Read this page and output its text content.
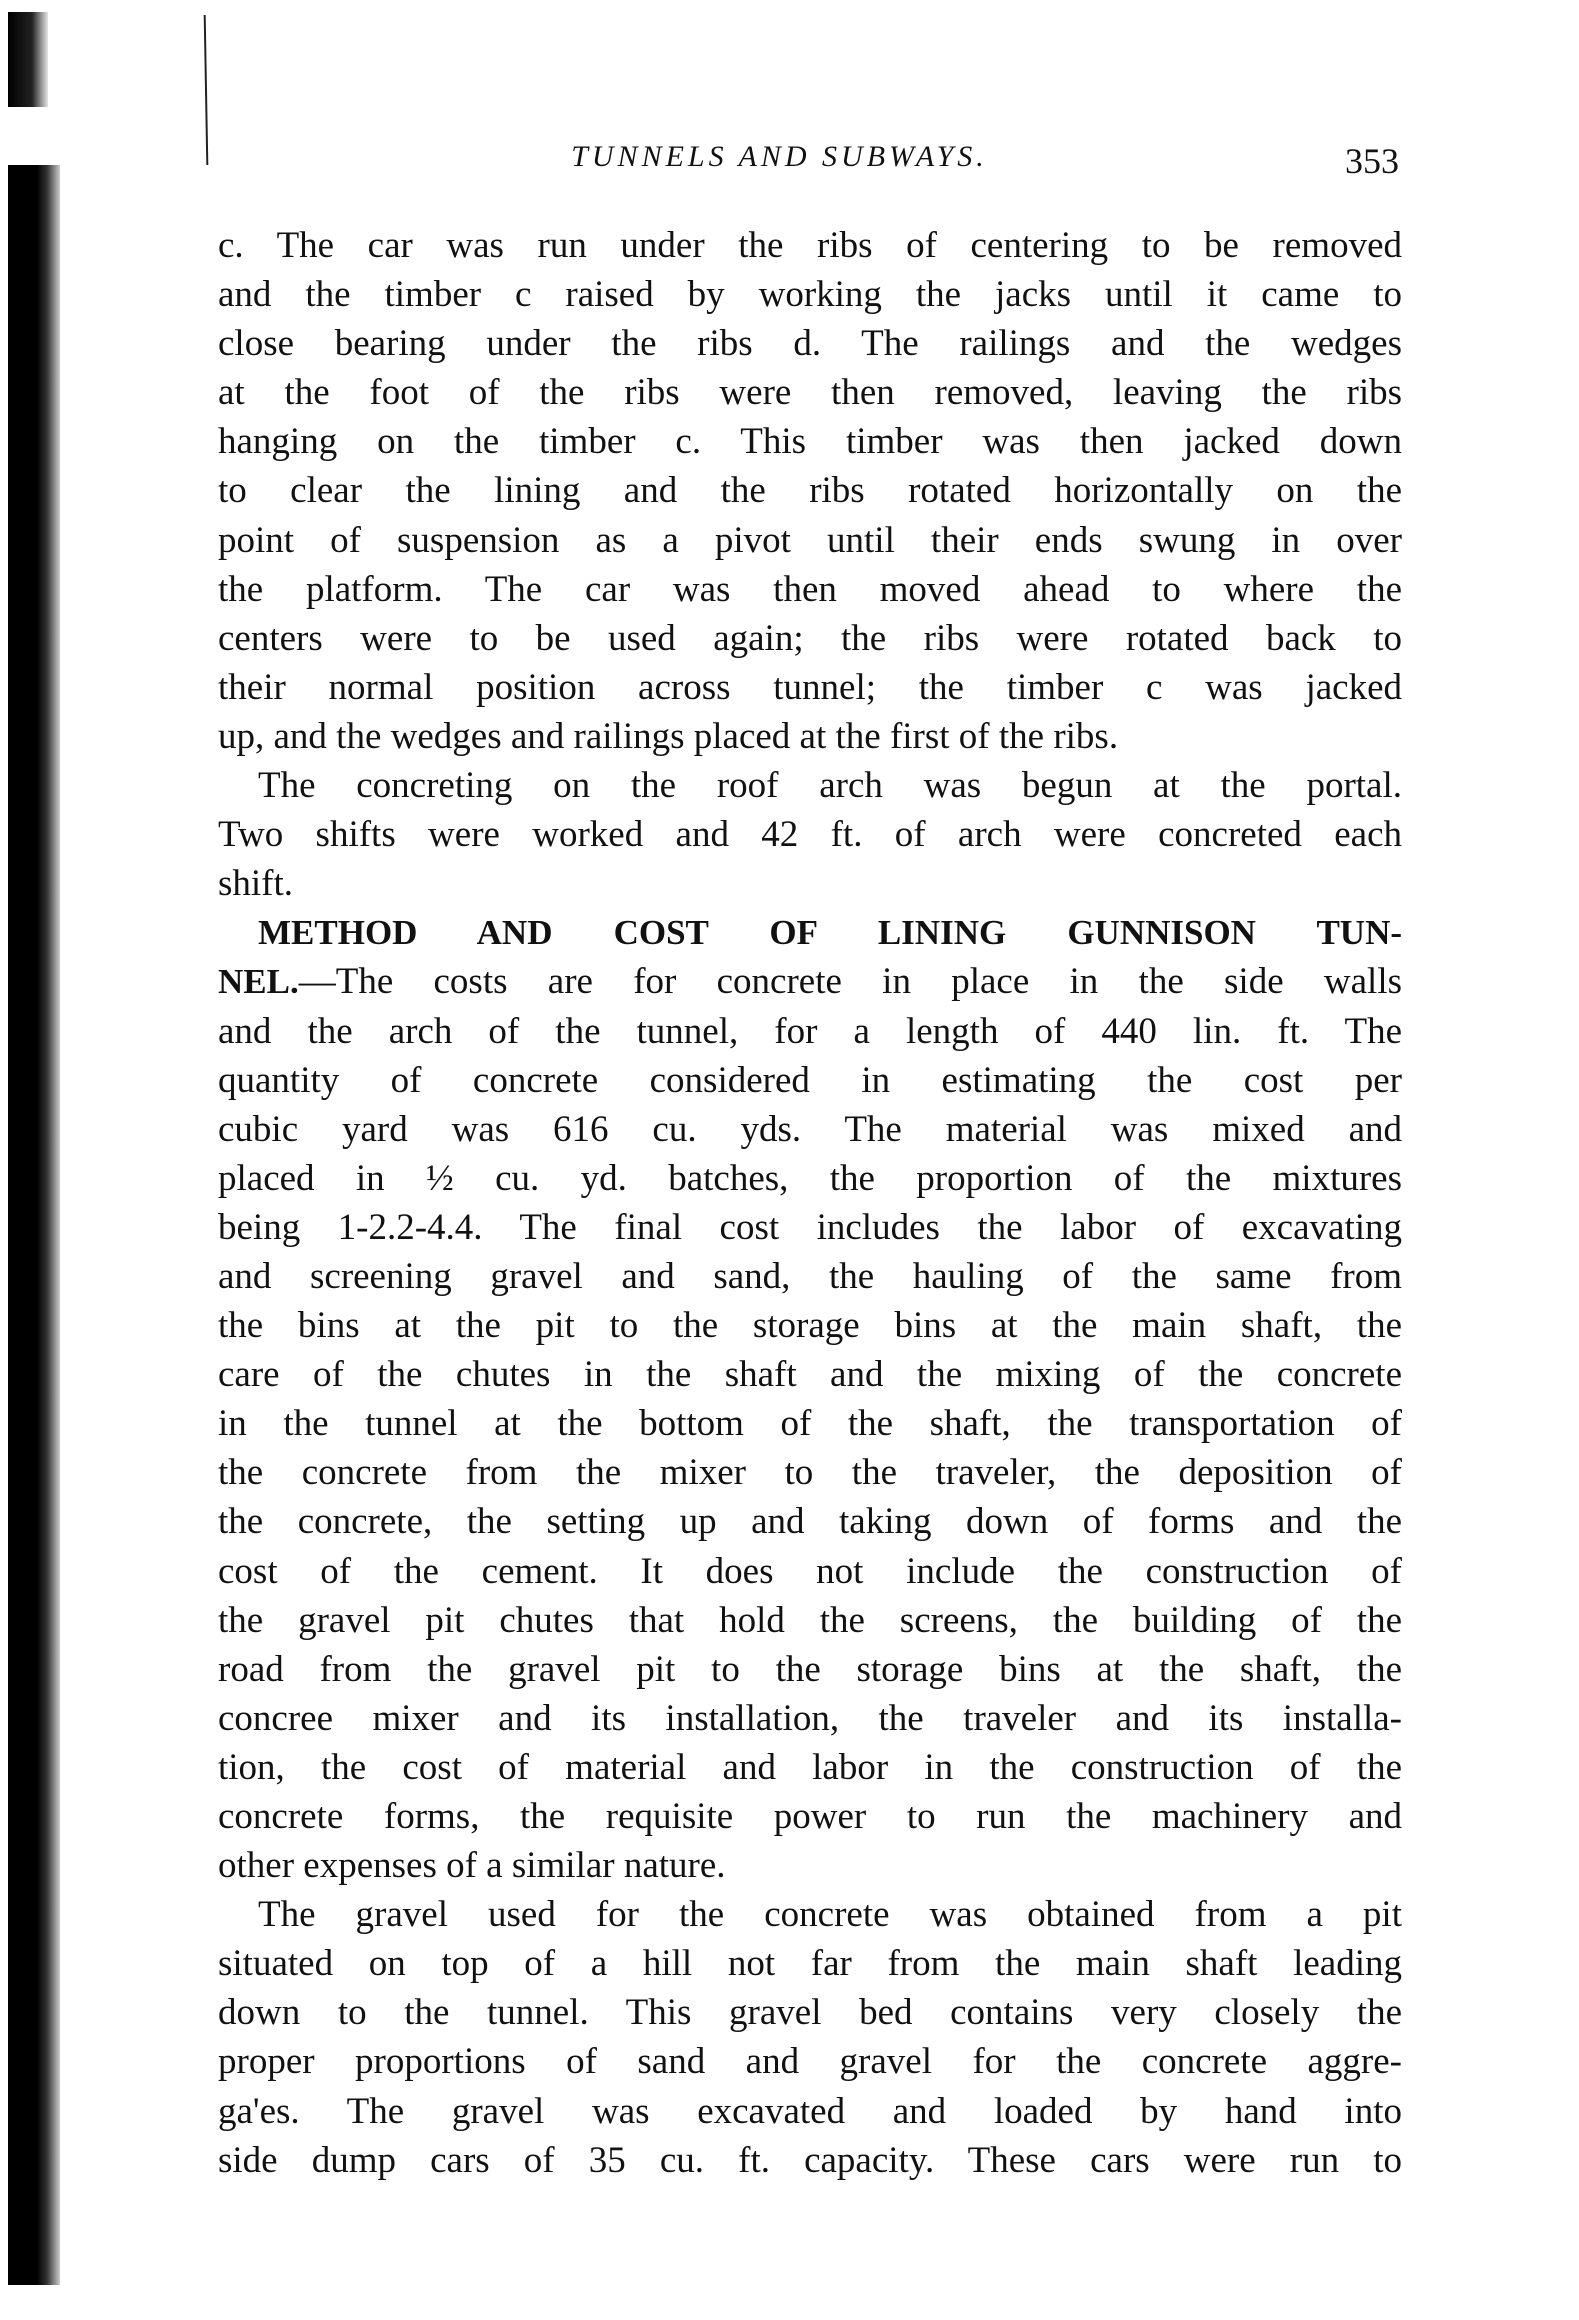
TUNNELS AND SUBWAYS.	353
c. The car was run under the ribs of centering to be removed
and the timber c raised by working the jacks until it came to
close bearing under the ribs d. The railings and the wedges
at the foot of the ribs were then removed, leaving the ribs
hanging on the timber c. This timber was then jacked down
to clear the lining and the ribs rotated horizontally on the
point of suspension as a pivot until their ends swung in over
the platform. The car was then moved ahead to where the
centers were to be used again; the ribs were rotated back to
their normal position across tunnel; the timber c was jacked
up, and the wedges and railings placed at the first of the ribs.
The concreting on the roof arch was begun at the portal.
Two shifts were worked and 42 ft. of arch were concreted each
shift.
METHOD AND COST OF LINING GUNNISON TUN-
NEL.—The costs are for concrete in place in the side walls
and the arch of the tunnel, for a length of 440 lin. ft. The
quantity of concrete considered in estimating the cost per
cubic yard was 616 cu. yds. The material was mixed and
placed in ½ cu. yd. batches, the proportion of the mixtures
being 1-2.2-4.4. The final cost includes the labor of excavating
and screening gravel and sand, the hauling of the same from
the bins at the pit to the storage bins at the main shaft, the
care of the chutes in the shaft and the mixing of the concrete
in the tunnel at the bottom of the shaft, the transportation of
the concrete from the mixer to the traveler, the deposition of
the concrete, the setting up and taking down of forms and the
cost of the cement. It does not include the construction of
the gravel pit chutes that hold the screens, the building of the
road from the gravel pit to the storage bins at the shaft, the
concree mixer and its installation, the traveler and its installa-
tion, the cost of material and labor in the construction of the
concrete forms, the requisite power to run the machinery and
other expenses of a similar nature.
The gravel used for the concrete was obtained from a pit
situated on top of a hill not far from the main shaft leading
down to the tunnel. This gravel bed contains very closely the
proper proportions of sand and gravel for the concrete aggre-
ga'es. The gravel was excavated and loaded by hand into
side dump cars of 35 cu. ft. capacity. These cars were run to
